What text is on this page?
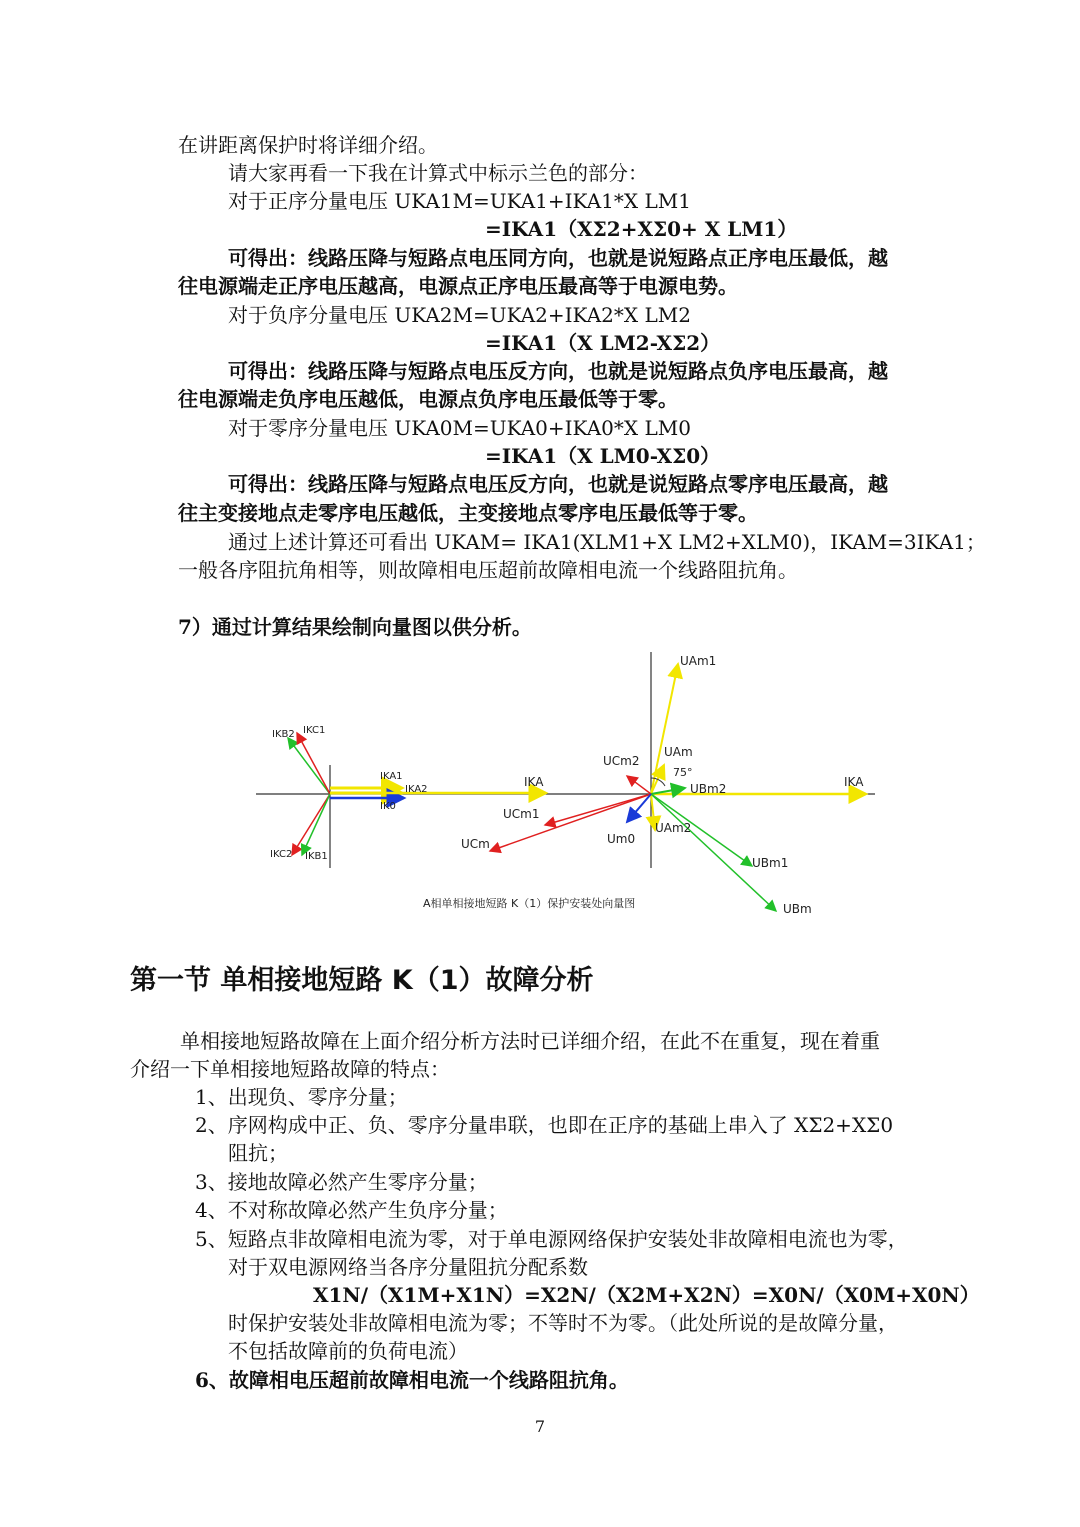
在讲距离保护时将详细介绍。
请大家再看一下我在计算式中标示兰色的部分：
对于正序分量电压 UKA1M=UKA1+IKA1*X LM1
=IKA1（XΣ2+XΣ0+ X LM1）
可得出：线路压降与短路点电压同方向，也就是说短路点正序电压最低，越
往电源端走正序电压越高，电源点正序电压最高等于电源电势。
对于负序分量电压 UKA2M=UKA2+IKA2*X LM2
=IKA1（X LM2-XΣ2）
可得出：线路压降与短路点电压反方向，也就是说短路点负序电压最高，越
往电源端走负序电压越低，电源点负序电压最低等于零。
对于零序分量电压 UKA0M=UKA0+IKA0*X LM0
=IKA1（X LM0-XΣ0）
可得出：线路压降与短路点电压反方向，也就是说短路点零序电压最高，越
往主变接地点走零序电压越低，主变接地点零序电压最低等于零。
通过上述计算还可看出 UKAM= IKA1(XLM1+X LM2+XLM0)，IKAM=3IKA1；
一般各序阻抗角相等，则故障相电压超前故障相电流一个线路阻抗角。
7）通过计算结果绘制向量图以供分析。
IKB2 IKC1
IKA1
IKA2
IK0
IKC2 IKB1
IKA	IKA
UCm1
UCm
UCm2
UAm1
UAm
75°
UBm2
UAm2
Um0
UBm1
UBm
A相单相接地短路 K（1）保护安装处向量图
第一节 单相接地短路 K（1）故障分析
单相接地短路故障在上面介绍分析方法时已详细介绍，在此不在重复，现在着重
介绍一下单相接地短路故障的特点：
1、出现负、零序分量；
2、序网构成中正、负、零序分量串联，也即在正序的基础上串入了 XΣ2+XΣ0
阻抗；
3、接地故障必然产生零序分量；
4、不对称故障必然产生负序分量；
5、短路点非故障相电流为零，对于单电源网络保护安装处非故障相电流也为零，
对于双电源网络当各序分量阻抗分配系数
X1N/（X1M+X1N）=X2N/（X2M+X2N）=X0N/（X0M+X0N）
时保护安装处非故障相电流为零；不等时不为零。（此处所说的是故障分量，
不包括故障前的负荷电流）
6、故障相电压超前故障相电流一个线路阻抗角。
7
